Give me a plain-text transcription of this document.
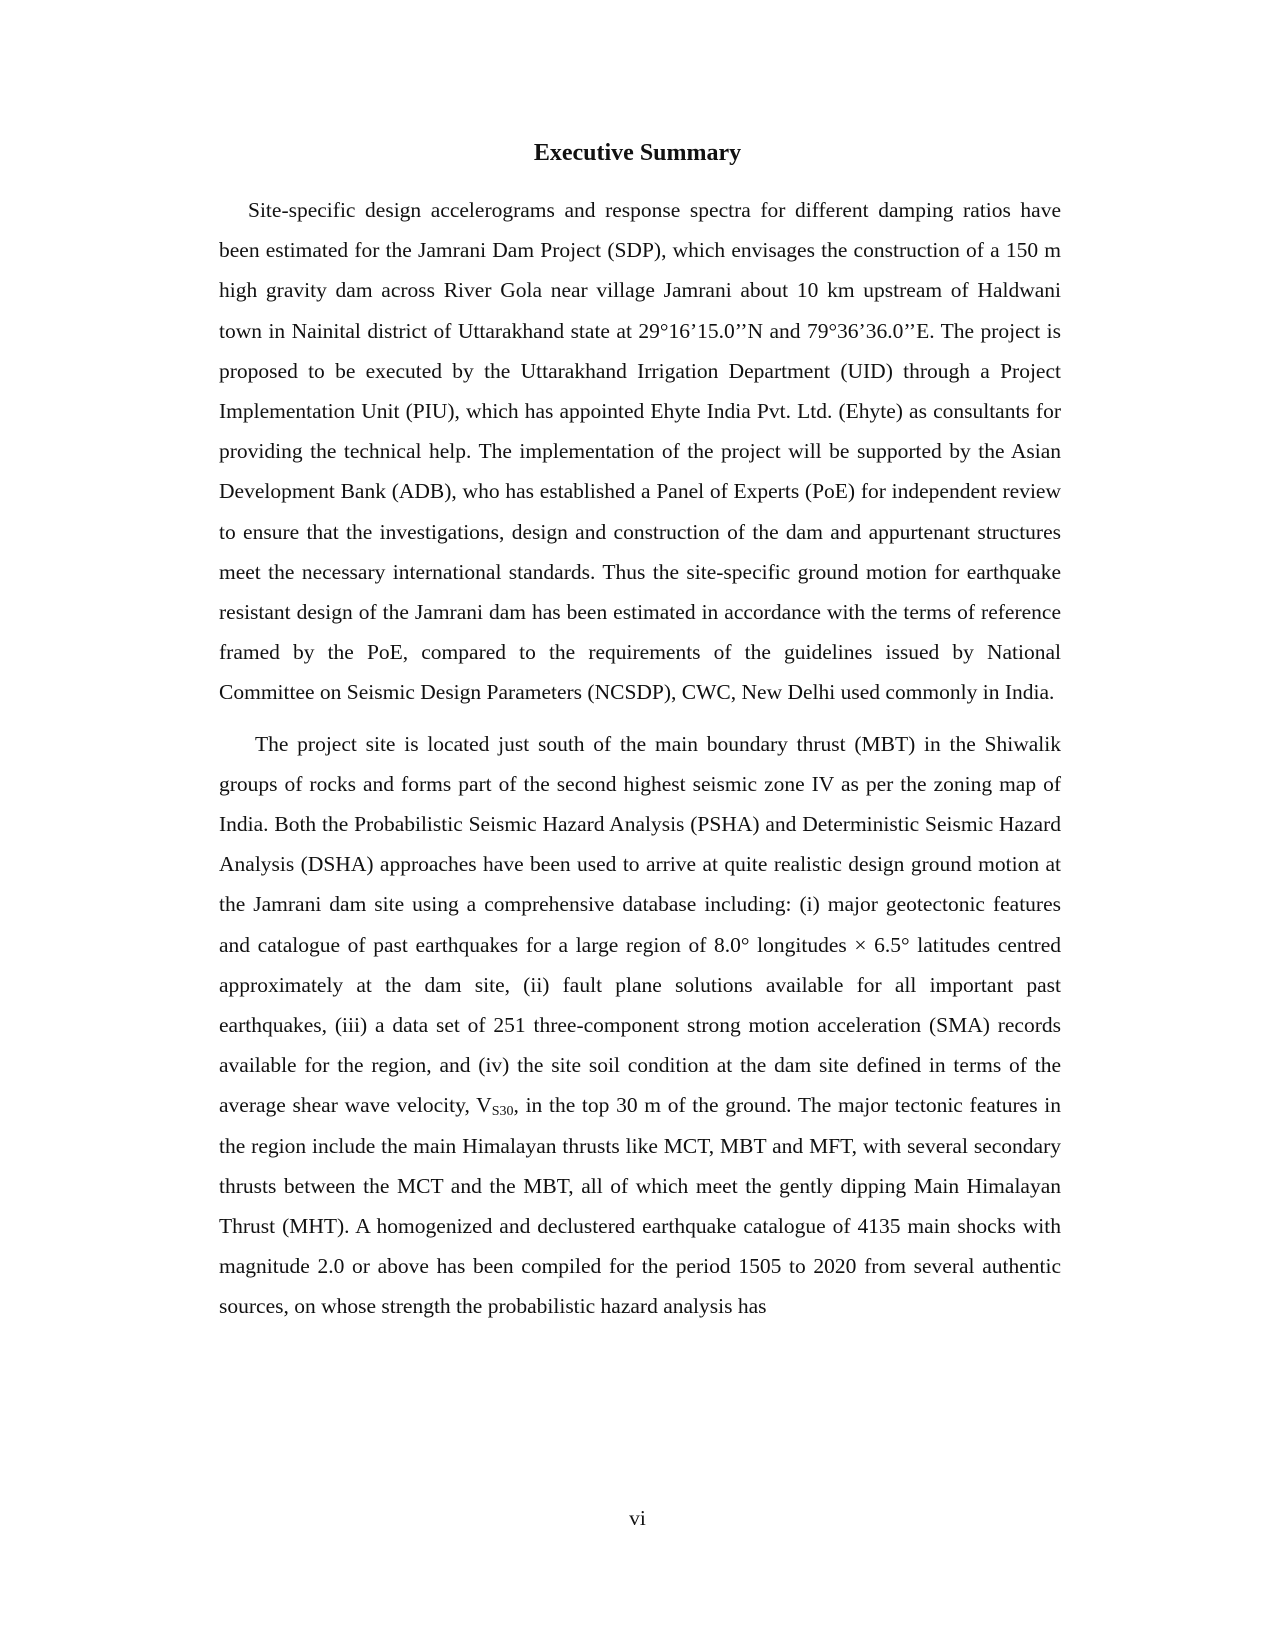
Executive Summary

Site-specific design accelerograms and response spectra for different damping ratios have been estimated for the Jamrani Dam Project (SDP), which envisages the construction of a 150 m high gravity dam across River Gola near village Jamrani about 10 km upstream of Haldwani town in Nainital district of Uttarakhand state at 29°16’15.0’’N and 79°36’36.0’’E. The project is proposed to be executed by the Uttarakhand Irrigation Department (UID) through a Project Implementation Unit (PIU), which has appointed Ehyte India Pvt. Ltd. (Ehyte) as consultants for providing the technical help. The implementation of the project will be supported by the Asian Development Bank (ADB), who has established a Panel of Experts (PoE) for independent review to ensure that the investigations, design and construction of the dam and appurtenant structures meet the necessary international standards. Thus the site-specific ground motion for earthquake resistant design of the Jamrani dam has been estimated in accordance with the terms of reference framed by the PoE, compared to the requirements of the guidelines issued by National Committee on Seismic Design Parameters (NCSDP), CWC, New Delhi used commonly in India.

The project site is located just south of the main boundary thrust (MBT) in the Shiwalik groups of rocks and forms part of the second highest seismic zone IV as per the zoning map of India. Both the Probabilistic Seismic Hazard Analysis (PSHA) and Deterministic Seismic Hazard Analysis (DSHA) approaches have been used to arrive at quite realistic design ground motion at the Jamrani dam site using a comprehensive database including: (i) major geotectonic features and catalogue of past earthquakes for a large region of 8.0° longitudes × 6.5° latitudes centred approximately at the dam site, (ii) fault plane solutions available for all important past earthquakes, (iii) a data set of 251 three-component strong motion acceleration (SMA) records available for the region, and (iv) the site soil condition at the dam site defined in terms of the average shear wave velocity, $V_{S30}$, in the top 30 m of the ground. The major tectonic features in the region include the main Himalayan thrusts like MCT, MBT and MFT, with several secondary thrusts between the MCT and the MBT, all of which meet the gently dipping Main Himalayan Thrust (MHT). A homogenized and declustered earthquake catalogue of 4135 main shocks with magnitude 2.0 or above has been compiled for the period 1505 to 2020 from several authentic sources, on whose strength the probabilistic hazard analysis has

vi
